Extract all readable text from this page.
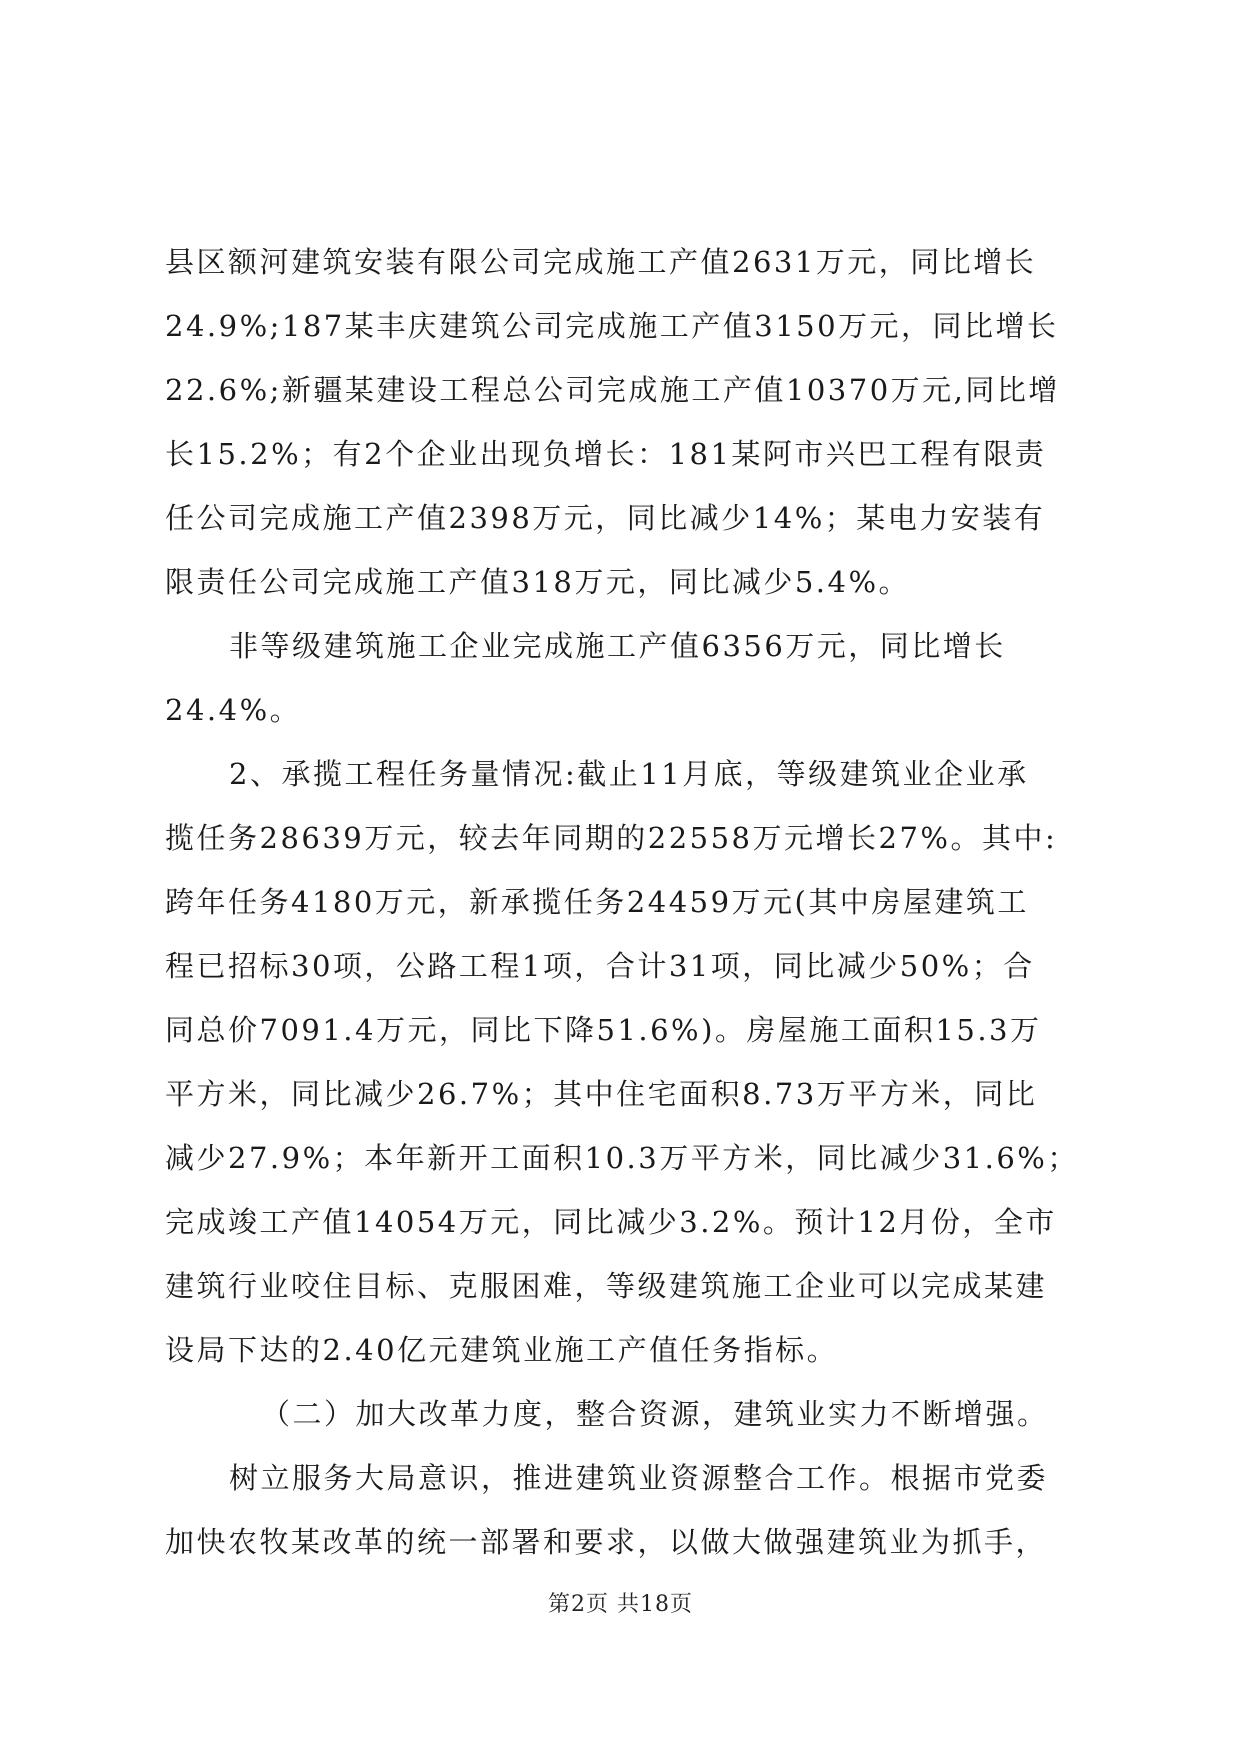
县区额河建筑安装有限公司完成施工产值2631万元，同比增长
24.9%;187某丰庆建筑公司完成施工产值3150万元，同比增长
22.6%;新疆某建设工程总公司完成施工产值10370万元,同比增
长15.2%；有2个企业出现负增长：181某阿市兴巴工程有限责
任公司完成施工产值2398万元，同比减少14%；某电力安装有
限责任公司完成施工产值318万元，同比减少5.4%。
非等级建筑施工企业完成施工产值6356万元，同比增长
24.4%。
2、承揽工程任务量情况:截止11月底，等级建筑业企业承
揽任务28639万元，较去年同期的22558万元增长27%。其中:
跨年任务4180万元，新承揽任务24459万元(其中房屋建筑工
程已招标30项，公路工程1项，合计31项，同比减少50%；合
同总价7091.4万元，同比下降51.6%)。房屋施工面积15.3万
平方米，同比减少26.7%；其中住宅面积8.73万平方米，同比
减少27.9%；本年新开工面积10.3万平方米，同比减少31.6%；
完成竣工产值14054万元，同比减少3.2%。预计12月份，全市
建筑行业咬住目标、克服困难，等级建筑施工企业可以完成某建
设局下达的2.40亿元建筑业施工产值任务指标。
（二）加大改革力度，整合资源，建筑业实力不断增强。
树立服务大局意识，推进建筑业资源整合工作。根据市党委
加快农牧某改革的统一部署和要求，以做大做强建筑业为抓手，
第2页 共18页
